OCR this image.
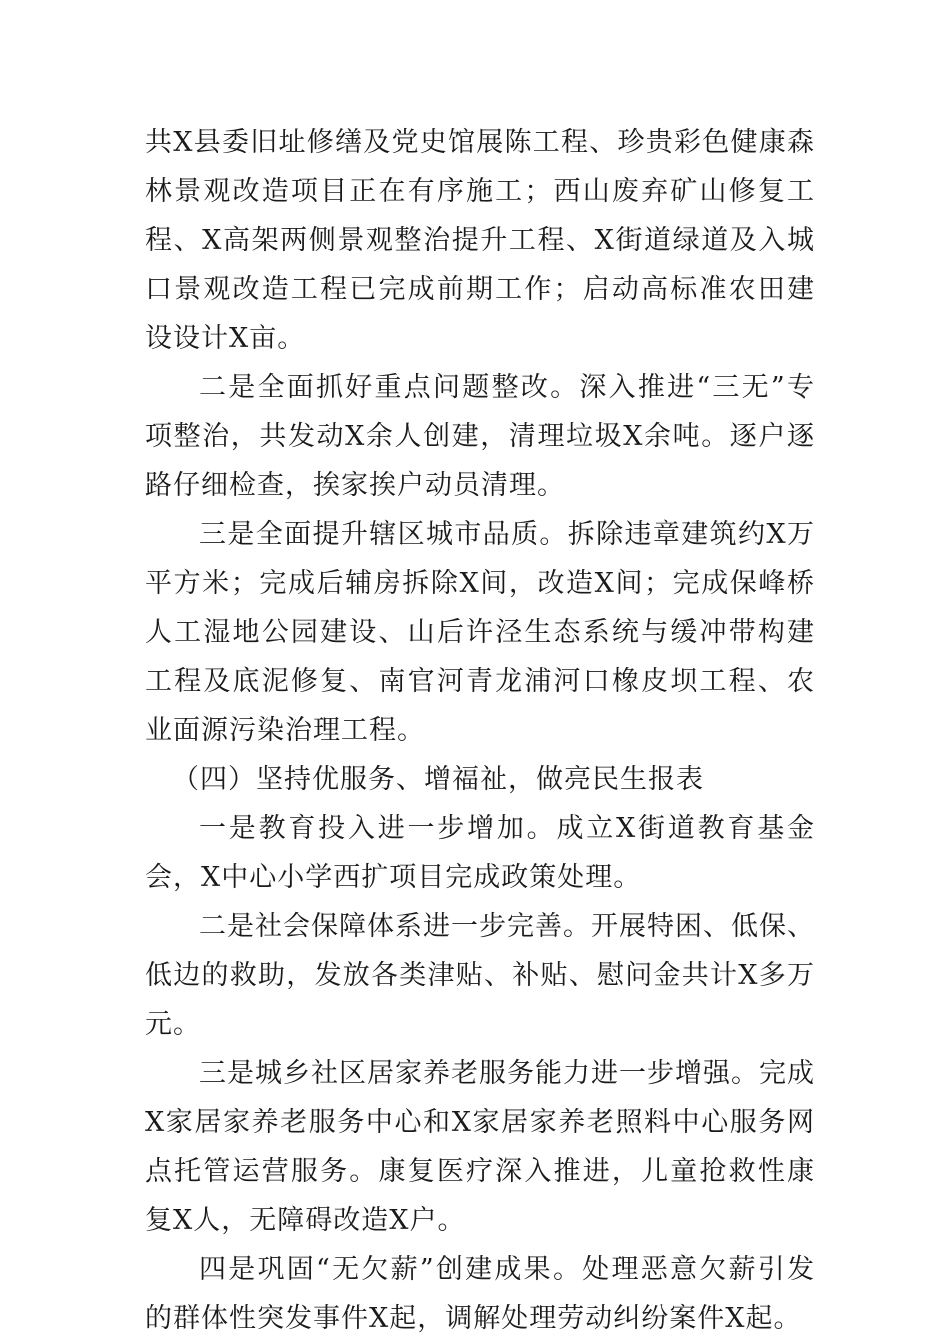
共X县委旧址修缮及党史馆展陈工程、珍贵彩色健康森林景观改造项目正在有序施工；西山废弃矿山修复工程、X高架两侧景观整治提升工程、X街道绿道及入城口景观改造工程已完成前期工作；启动高标准农田建设设计X亩。

二是全面抓好重点问题整改。深入推进“三无”专项整治，共发动X余人创建，清理垃圾X余吨。逐户逐路仔细检查，挨家挨户动员清理。

三是全面提升辖区城市品质。拆除违章建筑约X万平方米；完成后辅房拆除X间，改造X间；完成保峰桥人工湿地公园建设、山后许泾生态系统与缓冲带构建工程及底泥修复、南官河青龙浦河口橡皮坝工程、农业面源污染治理工程。

（四）坚持优服务、增福祉，做亮民生报表

一是教育投入进一步增加。成立X街道教育基金会，X中心小学西扩项目完成政策处理。

二是社会保障体系进一步完善。开展特困、低保、低边的救助，发放各类津贴、补贴、慰问金共计X多万元。

三是城乡社区居家养老服务能力进一步增强。完成X家居家养老服务中心和X家居家养老照料中心服务网点托管运营服务。康复医疗深入推进，儿童抢救性康复X人，无障碍改造X户。

四是巩固“无欠薪”创建成果。处理恶意欠薪引发的群体性突发事件X起，调解处理劳动纠纷案件X起。
